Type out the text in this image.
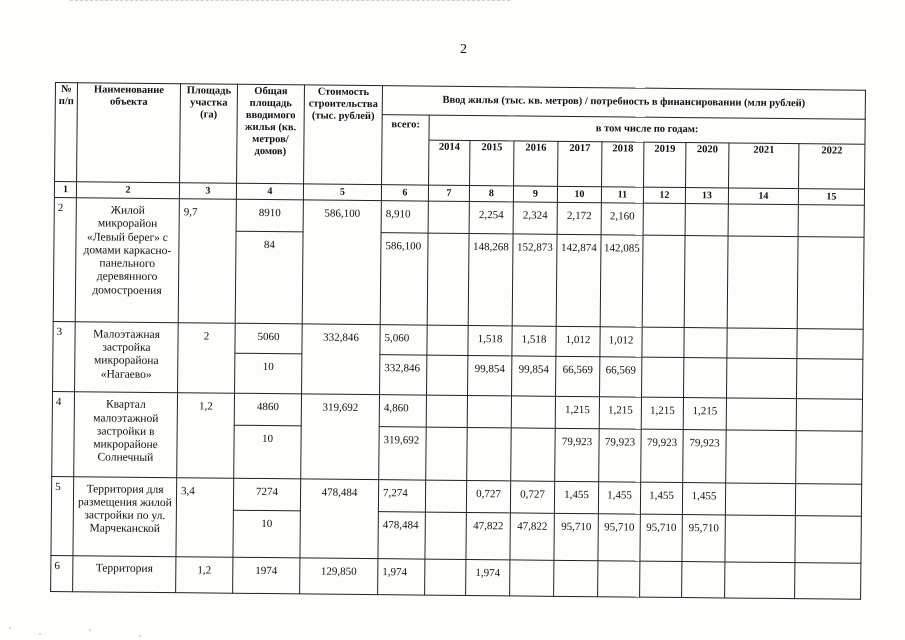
2
№ п/п	Наименование объекта	Площадь участка (га)	Общая площадь вводимого жилья (кв. метров/ домов)	Стоимость строительства (тыс. рублей)	Ввод жилья (тыс. кв. метров) / потребность в финансировании (млн рублей)									
					всего:	в том числе по годам:								
						2014	2015	2016	2017	2018	2019	2020	2021	2022
1	2	3	4	5	6	7	8	9	10	11	12	13	14	15
2	Жилой микрорайон «Левый берег» с домами каркасно-панельного деревянного домостроения	9,7	8910	586,100	8,910		2,254	2,324	2,172	2,160				
			84		586,100		148,268	152,873	142,874	142,085				
3	Малоэтажная застройка микрорайона «Нагаево»	2	5060	332,846	5,060		1,518	1,518	1,012	1,012				
			10		332,846		99,854	99,854	66,569	66,569				
4	Квартал малоэтажной застройки в микрорайоне Солнечный	1,2	4860	319,692	4,860				1,215	1,215	1,215	1,215		
			10		319,692				79,923	79,923	79,923	79,923		
5	Территория для размещения жилой застройки по ул. Марчеканской	3,4	7274	478,484	7,274		0,727	0,727	1,455	1,455	1,455	1,455		
			10		478,484		47,822	47,822	95,710	95,710	95,710	95,710		
6	Территория	1,2	1974	129,850	1,974		1,974							
